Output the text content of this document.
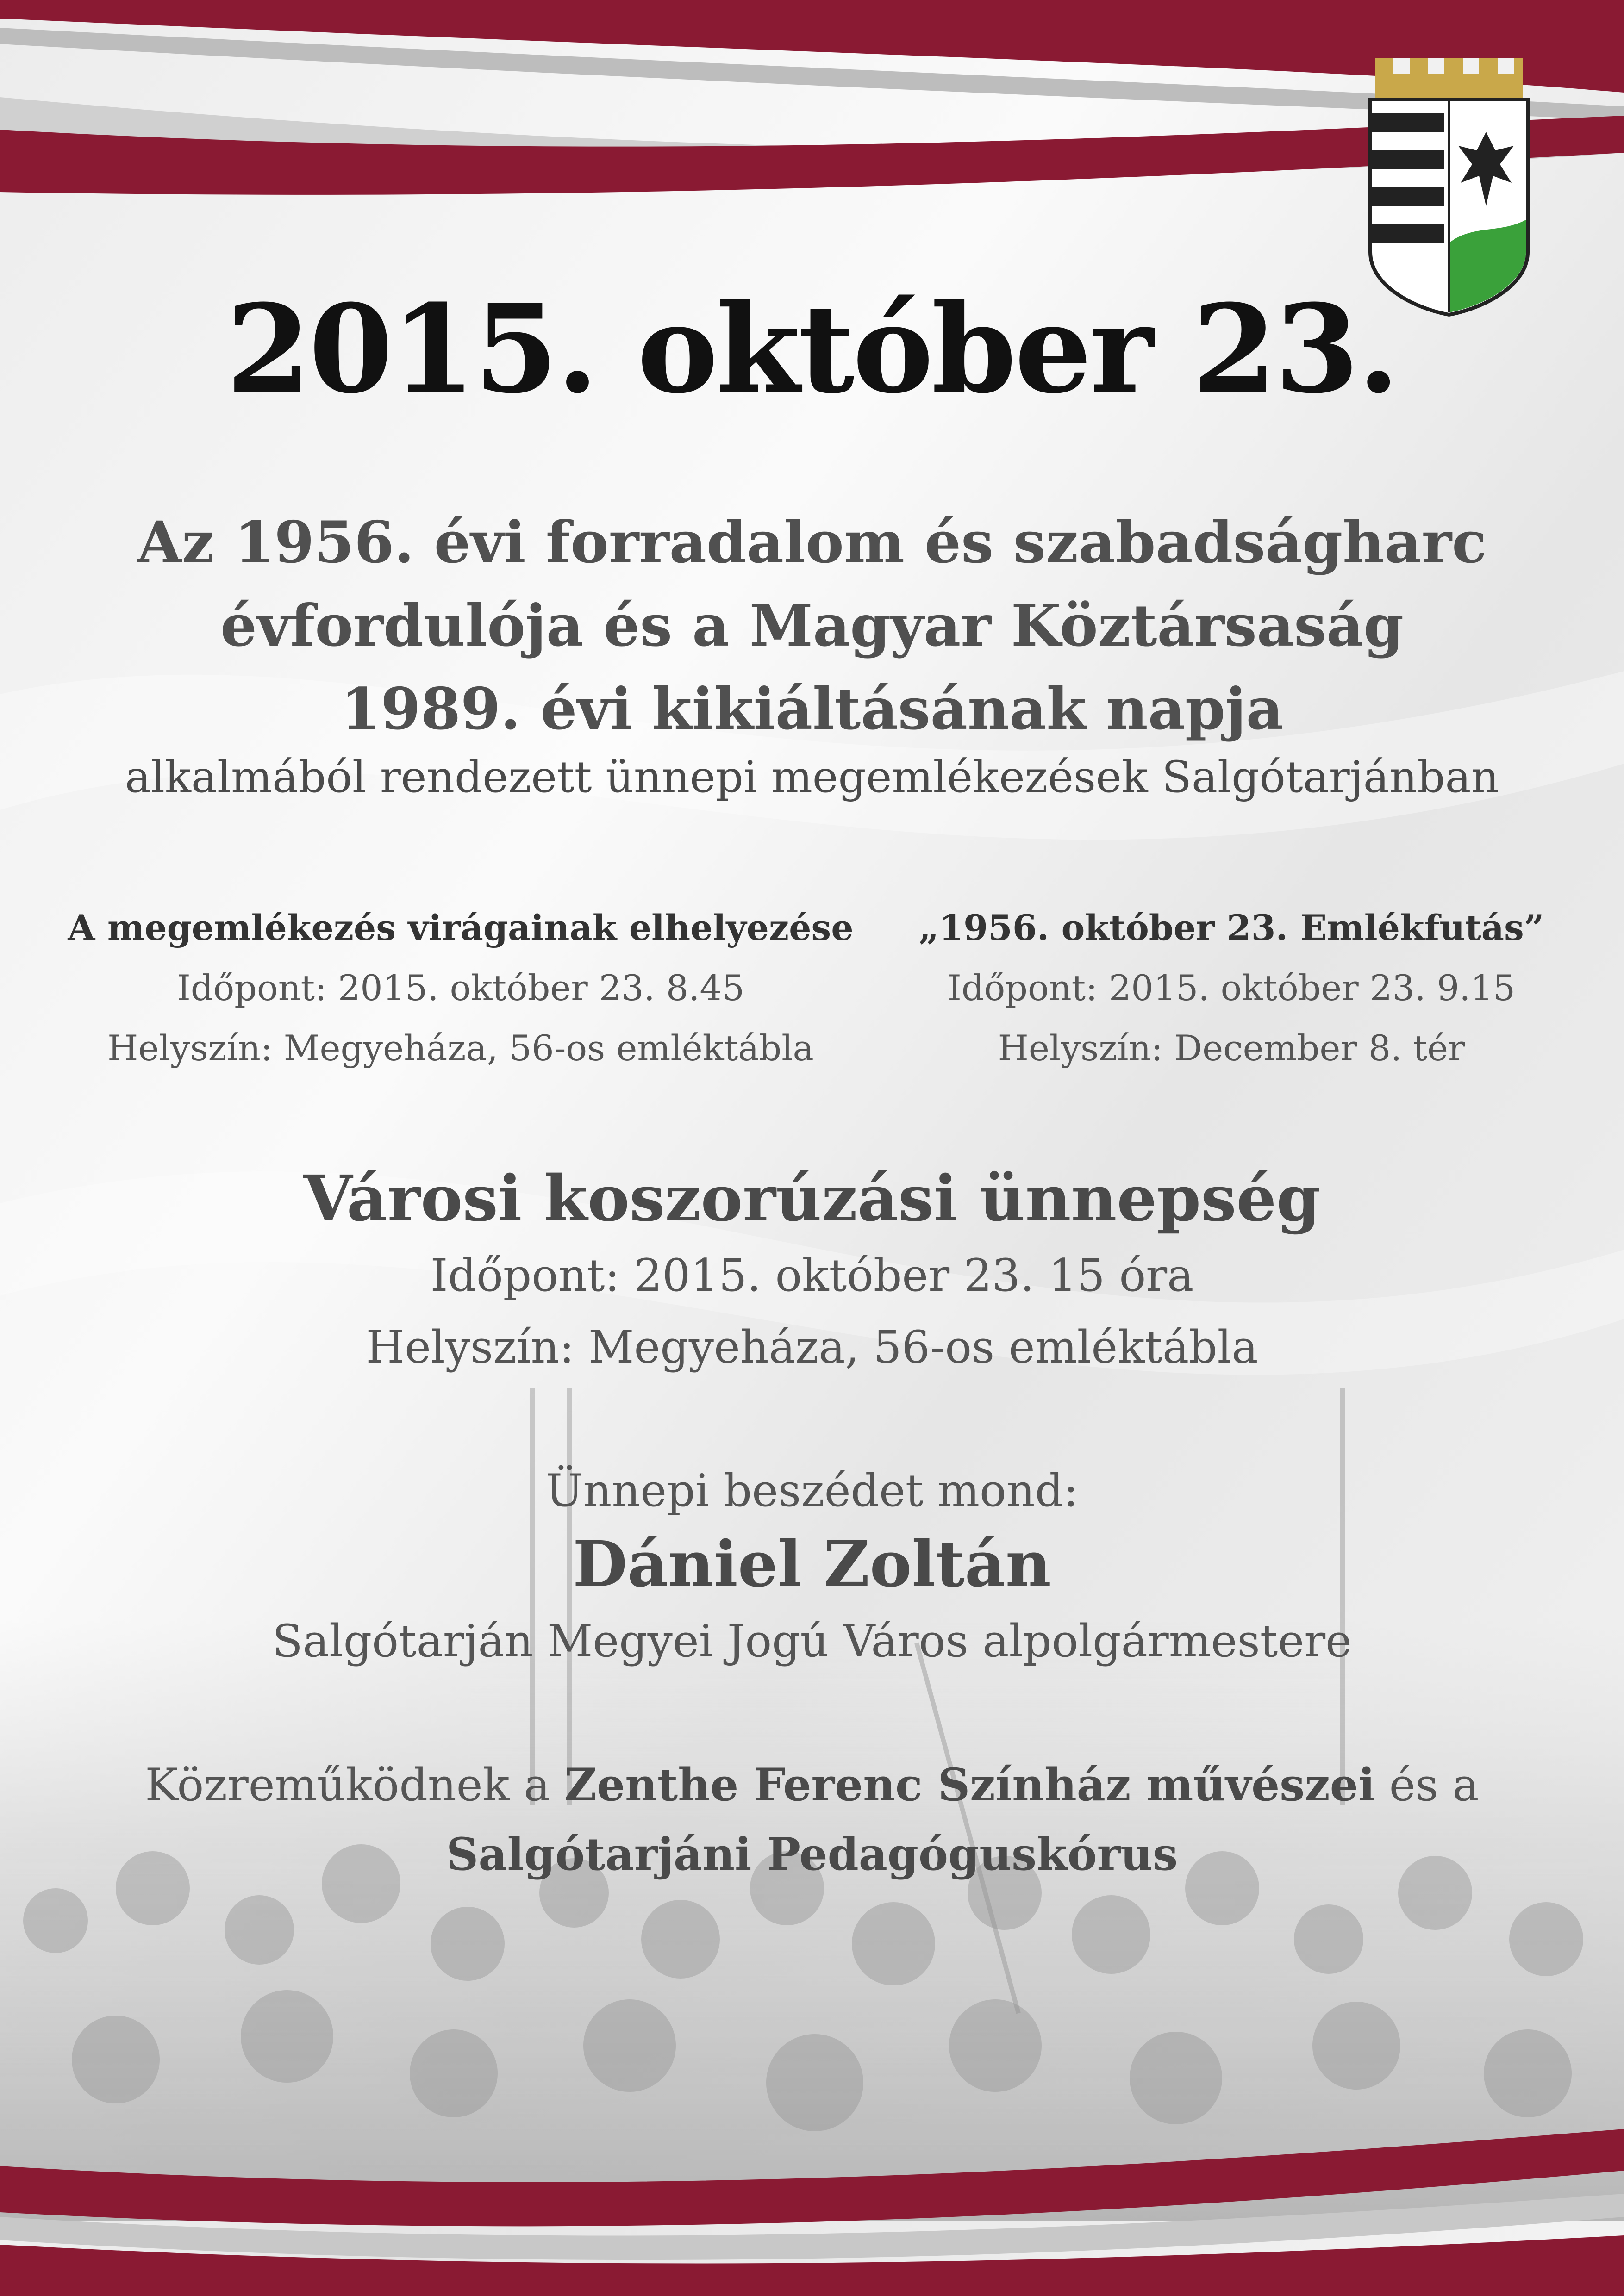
2015. október 23.
Az 1956. évi forradalom és szabadságharc
évfordulója és a Magyar Köztársaság
1989. évi kikiáltásának napja
alkalmából rendezett ünnepi megemlékezések Salgótarjánban
A megemlékezés virágainak elhelyezése
Időpont: 2015. október 23. 8.45
Helyszín: Megyeháza, 56-os emléktábla
„1956. október 23. Emlékfutás”
Időpont: 2015. október 23. 9.15
Helyszín: December 8. tér
Városi koszorúzási ünnepség
Időpont: 2015. október 23. 15 óra
Helyszín: Megyeháza, 56-os emléktábla
Ünnepi beszédet mond:
Dániel Zoltán
Salgótarján Megyei Jogú Város alpolgármestere
Közreműködnek a Zenthe Ferenc Színház művészei és a
Salgótarjáni Pedagóguskórus
